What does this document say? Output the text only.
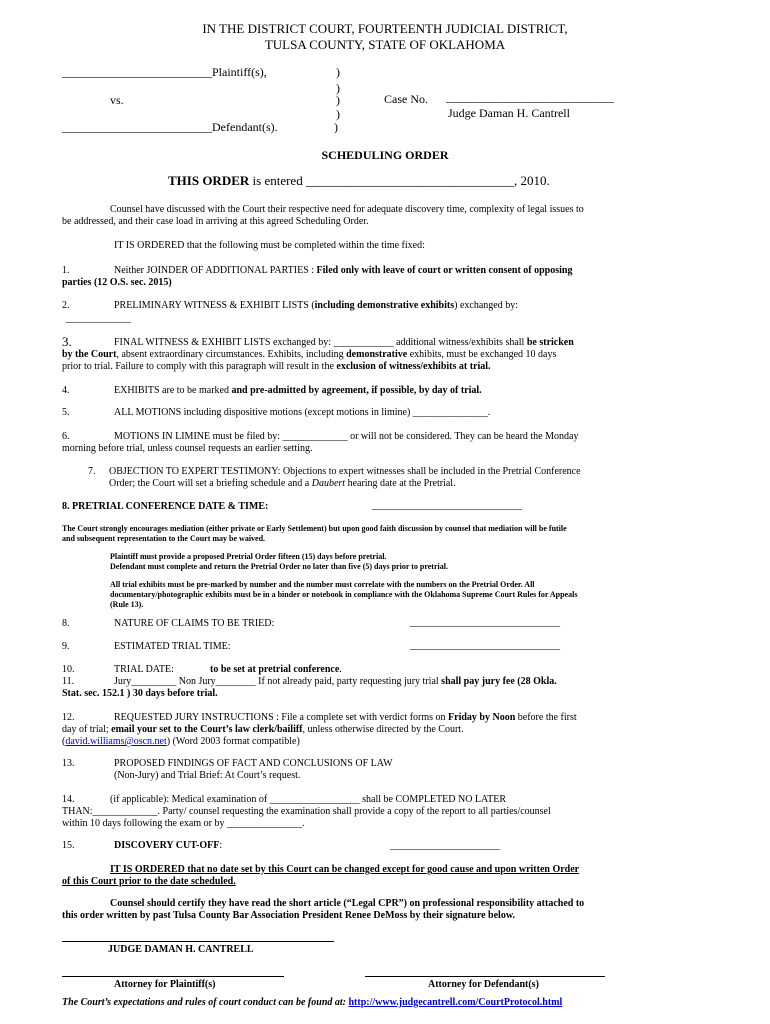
IN THE DISTRICT COURT, FOURTEENTH JUDICIAL DISTRICT,
TULSA COUNTY, STATE OF OKLAHOMA
_________________________Plaintiff(s),	)
)
vs.	)	Case No. ____________________________
)	Judge Daman H. Cantrell
_________________________Defendant(s).	)
SCHEDULING ORDER
THIS ORDER is entered ________________________________, 2010.
Counsel have discussed with the Court their respective need for adequate discovery time, complexity of legal issues to
be addressed, and their case load in arriving at this agreed Scheduling Order.
IT IS ORDERED that the following must be completed within the time fixed:
1.	Neither JOINDER OF ADDITIONAL PARTIES : Filed only with leave of court or written consent of opposing
parties (12 O.S. sec. 2015)
2.	PRELIMINARY WITNESS & EXHIBIT LISTS (including demonstrative exhibits) exchanged by:
_____________
3.	FINAL WITNESS & EXHIBIT LISTS exchanged by: ____________ additional witness/exhibits shall be stricken
by the Court, absent extraordinary circumstances. Exhibits, including demonstrative exhibits, must be exchanged 10 days
prior to trial. Failure to comply with this paragraph will result in the exclusion of witness/exhibits at trial.
4.	EXHIBITS are to be marked and pre-admitted by agreement, if possible, by day of trial.
5.	ALL MOTIONS including dispositive motions (except motions in limine) _______________.
6.	MOTIONS IN LIMINE must be filed by: _____________ or will not be considered. They can be heard the Monday
morning before trial, unless counsel requests an earlier setting.
7. OBJECTION TO EXPERT TESTIMONY: Objections to expert witnesses shall be included in the Pretrial Conference
Order; the Court will set a briefing schedule and a Daubert hearing date at the Pretrial.
8. PRETRIAL CONFERENCE DATE & TIME:	______________________________
The Court strongly encourages mediation (either private or Early Settlement) but upon good faith discussion by counsel that mediation will be futile
and subsequent representation to the Court may be waived.
Plaintiff must provide a proposed Pretrial Order fifteen (15) days before pretrial.
Defendant must complete and return the Pretrial Order no later than five (5) days prior to pretrial.
All trial exhibits must be pre-marked by number and the number must correlate with the numbers on the Pretrial Order. All
documentary/photographic exhibits must be in a binder or notebook in compliance with the Oklahoma Supreme Court Rules for Appeals
(Rule 13).
8.	NATURE OF CLAIMS TO BE TRIED:	______________________________
9.	ESTIMATED TRIAL TIME:	______________________________
10.	TRIAL DATE:	to be set at pretrial conference.
11.	Jury_________ Non Jury________ If not already paid, party requesting jury trial shall pay jury fee (28 Okla.
Stat. sec. 152.1 ) 30 days before trial.
12.	REQUESTED JURY INSTRUCTIONS : File a complete set with verdict forms on Friday by Noon before the first
day of trial; email your set to the Court’s law clerk/bailiff, unless otherwise directed by the Court.
(david.williams@oscn.net) (Word 2003 format compatible)
13.	PROPOSED FINDINGS OF FACT AND CONCLUSIONS OF LAW
(Non-Jury) and Trial Brief: At Court’s request.
14.	(if applicable): Medical examination of __________________ shall be COMPLETED NO LATER
THAN:_____________. Party/ counsel requesting the examination shall provide a copy of the report to all parties/counsel
within 10 days following the exam or by _______________.
15.	DISCOVERY CUT-OFF:	______________________
IT IS ORDERED that no date set by this Court can be changed except for good cause and upon written Order
of this Court prior to the date scheduled.
Counsel should certify they have read the short article (“Legal CPR”) on professional responsibility attached to
this order written by past Tulsa County Bar Association President Renee DeMoss by their signature below.
JUDGE DAMAN H. CANTRELL
Attorney for Plaintiff(s)	Attorney for Defendant(s)
The Court’s expectations and rules of court conduct can be found at: http://www.judgecantrell.com/CourtProtocol.html
